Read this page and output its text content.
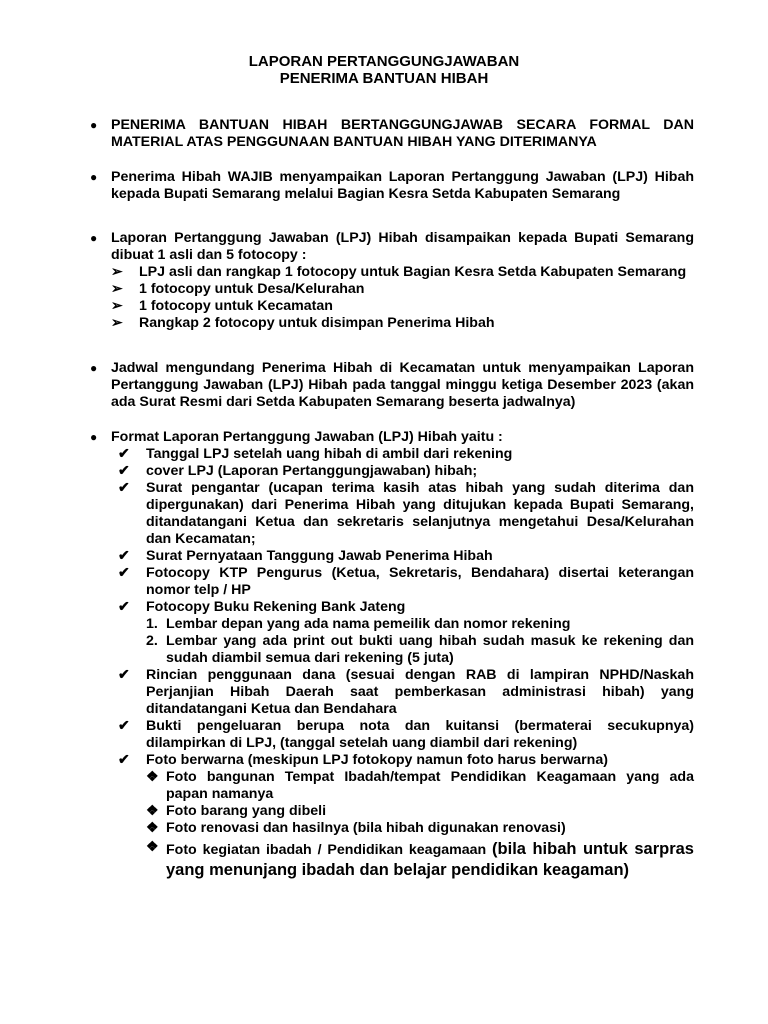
LAPORAN PERTANGGUNGJAWABAN
PENERIMA BANTUAN HIBAH
● PENERIMA BANTUAN HIBAH BERTANGGUNGJAWAB SECARA FORMAL DAN MATERIAL ATAS PENGGUNAAN BANTUAN HIBAH YANG DITERIMANYA
● Penerima Hibah WAJIB menyampaikan Laporan Pertanggung Jawaban (LPJ) Hibah kepada Bupati Semarang melalui Bagian Kesra Setda Kabupaten Semarang
● Laporan Pertanggung Jawaban (LPJ) Hibah disampaikan kepada Bupati Semarang dibuat 1 asli dan 5 fotocopy :
➢	LPJ asli dan rangkap 1 fotocopy untuk Bagian Kesra Setda Kabupaten Semarang
➢	1 fotocopy untuk Desa/Kelurahan
➢	1 fotocopy untuk Kecamatan
➢	Rangkap 2 fotocopy untuk disimpan Penerima Hibah
● Jadwal mengundang Penerima Hibah di Kecamatan untuk menyampaikan Laporan Pertanggung Jawaban (LPJ) Hibah pada tanggal minggu ketiga Desember 2023 (akan ada Surat Resmi dari Setda Kabupaten Semarang beserta jadwalnya)
● Format Laporan Pertanggung Jawaban (LPJ) Hibah yaitu :
✔	Tanggal LPJ setelah uang hibah di ambil dari rekening
✔	cover LPJ (Laporan Pertanggungjawaban) hibah;
✔	Surat pengantar (ucapan terima kasih atas hibah yang sudah diterima dan dipergunakan) dari Penerima Hibah yang ditujukan kepada Bupati Semarang, ditandatangani Ketua dan sekretaris selanjutnya mengetahui Desa/Kelurahan dan Kecamatan;
✔	Surat Pernyataan Tanggung Jawab Penerima Hibah
✔	Fotocopy KTP Pengurus (Ketua, Sekretaris, Bendahara) disertai keterangan nomor telp / HP
✔	Fotocopy Buku Rekening Bank Jateng
1. Lembar depan yang ada nama pemeilik dan nomor rekening
2. Lembar yang ada print out bukti uang hibah sudah masuk ke rekening dan sudah diambil semua dari rekening (5 juta)
✔	Rincian penggunaan dana (sesuai dengan RAB di lampiran NPHD/Naskah Perjanjian Hibah Daerah saat pemberkasan administrasi hibah) yang ditandatangani Ketua dan Bendahara
✔	Bukti pengeluaran berupa nota dan kuitansi (bermaterai secukupnya) dilampirkan di LPJ, (tanggal setelah uang diambil dari rekening)
✔	Foto berwarna (meskipun LPJ fotokopy namun foto harus berwarna)
❖ Foto bangunan Tempat Ibadah/tempat Pendidikan Keagamaan yang ada papan namanya
❖ Foto barang yang dibeli
❖ Foto renovasi dan hasilnya (bila hibah digunakan renovasi)
❖ Foto kegiatan ibadah / Pendidikan keagamaan (bila hibah untuk sarpras yang menunjang ibadah dan belajar pendidikan keagaman)
